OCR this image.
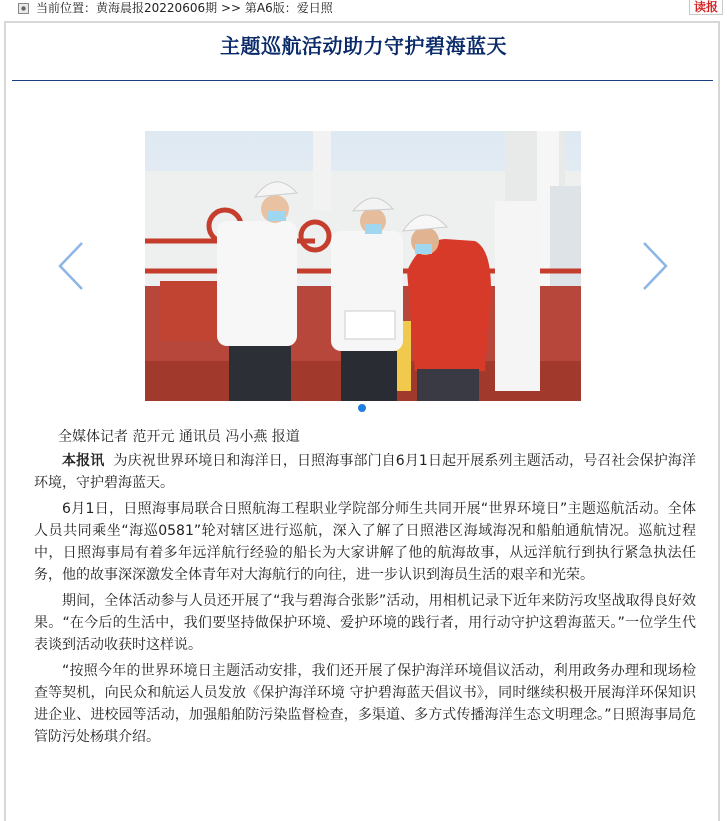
当前位置：黄海晨报20220606期 >> 第A6版：爱日照	读报
主题巡航活动助力守护碧海蓝天

全媒体记者 范开元 通讯员 冯小燕 报道

本报讯 为庆祝世界环境日和海洋日，日照海事部门自6月1日起开展系列主题活动，号召社会保护海洋环境，守护碧海蓝天。

6月1日，日照海事局联合日照航海工程职业学院部分师生共同开展“世界环境日”主题巡航活动。全体人员共同乘坐“海巡0581”轮对辖区进行巡航，深入了解了日照港区海域海况和船舶通航情况。巡航过程中，日照海事局有着多年远洋航行经验的船长为大家讲解了他的航海故事，从远洋航行到执行紧急执法任务，他的故事深深激发全体青年对大海航行的向往，进一步认识到海员生活的艰辛和光荣。

期间，全体活动参与人员还开展了“我与碧海合张影”活动，用相机记录下近年来防污攻坚战取得良好效果。“在今后的生活中，我们要坚持做保护环境、爱护环境的践行者，用行动守护这碧海蓝天。”一位学生代表谈到活动收获时这样说。

“按照今年的世界环境日主题活动安排，我们还开展了保护海洋环境倡议活动，利用政务办理和现场检查等契机，向民众和航运人员发放《保护海洋环境 守护碧海蓝天倡议书》，同时继续积极开展海洋环保知识进企业、进校园等活动，加强船舶防污染监督检查，多渠道、多方式传播海洋生态文明理念。”日照海事局危管防污处杨琪介绍。
